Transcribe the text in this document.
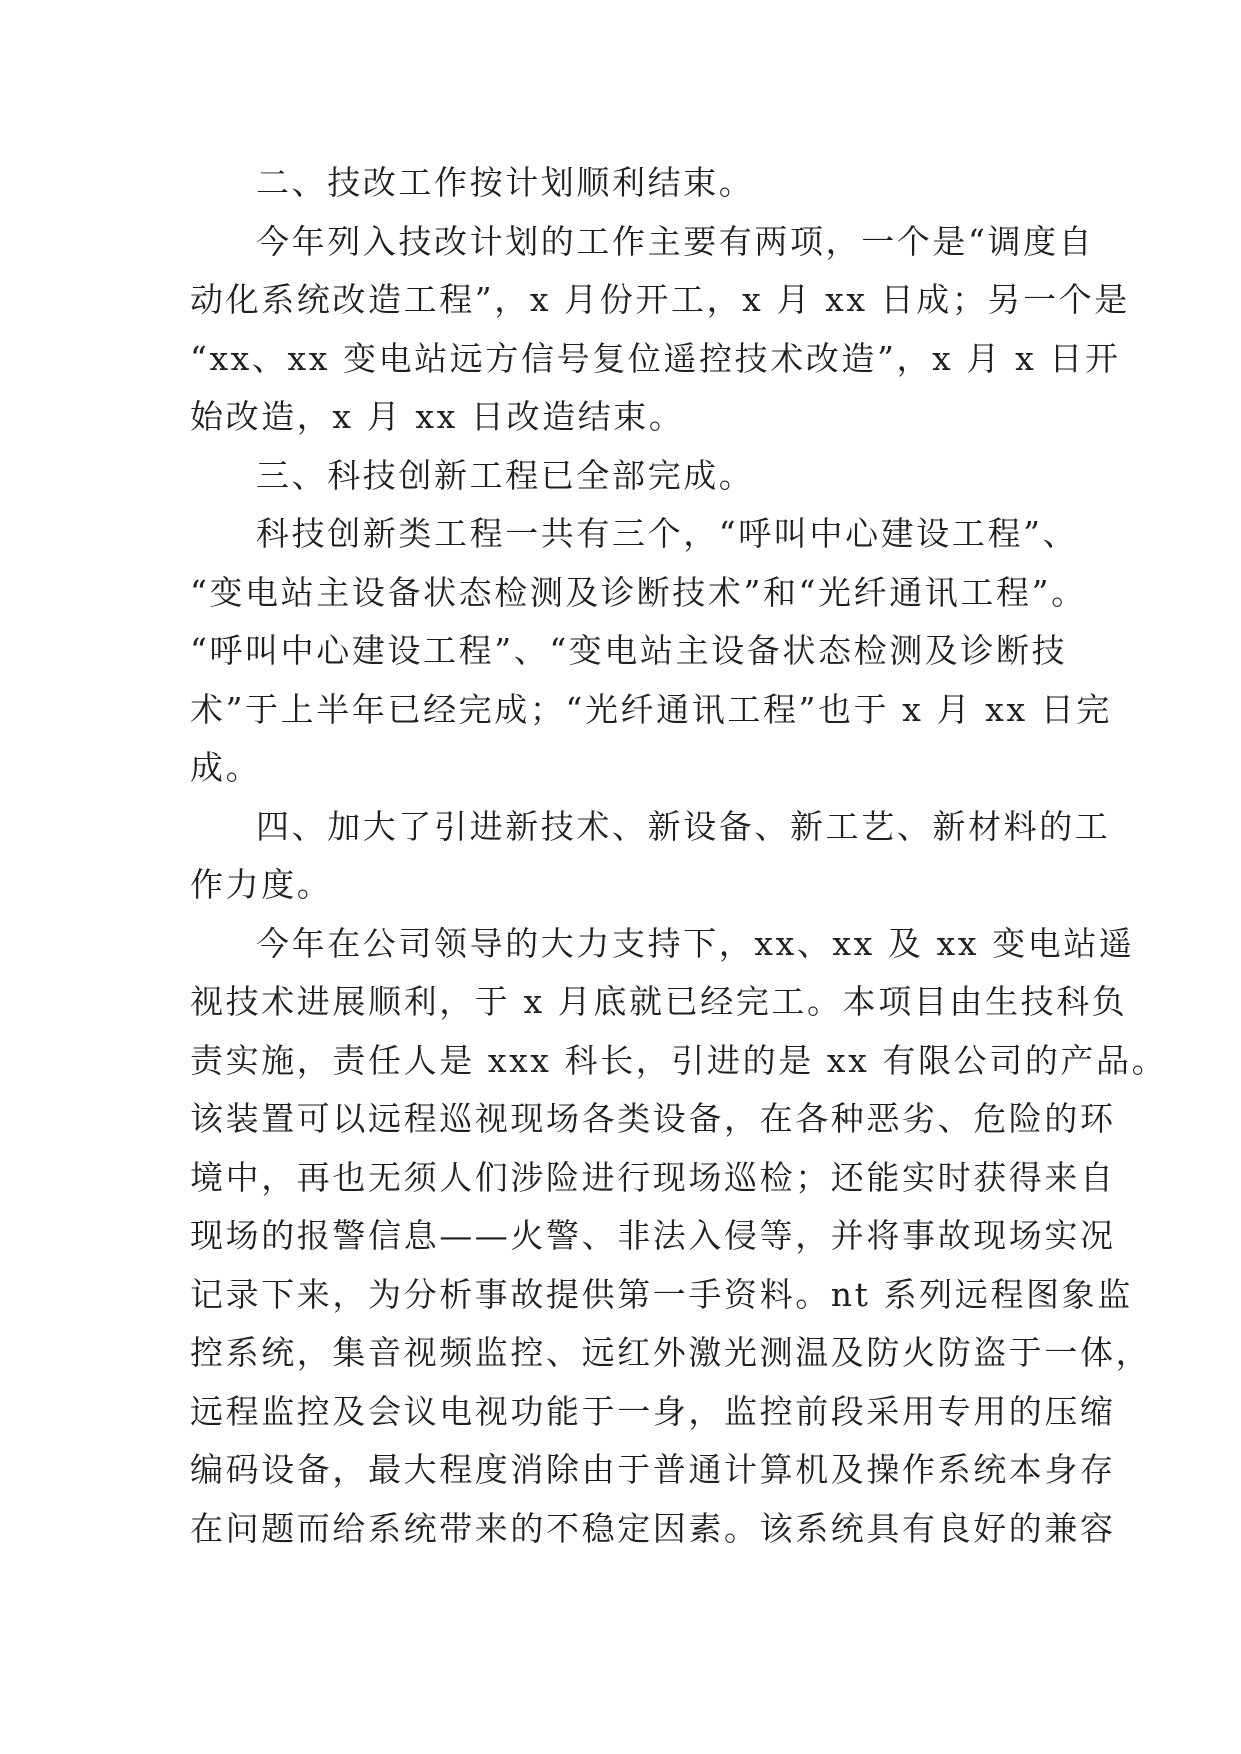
二、技改工作按计划顺利结束。

今年列入技改计划的工作主要有两项，一个是“调度自

动化系统改造工程”，x 月份开工，x 月 xx 日成；另一个是

“xx、xx 变电站远方信号复位遥控技术改造”，x 月 x 日开

始改造，x 月 xx 日改造结束。

三、科技创新工程已全部完成。

科技创新类工程一共有三个，“呼叫中心建设工程”、

“变电站主设备状态检测及诊断技术”和“光纤通讯工程”。

“呼叫中心建设工程”、“变电站主设备状态检测及诊断技

术”于上半年已经完成；“光纤通讯工程”也于 x 月 xx 日完

成。

四、加大了引进新技术、新设备、新工艺、新材料的工

作力度。

今年在公司领导的大力支持下，xx、xx 及 xx 变电站遥

视技术进展顺利，于 x 月底就已经完工。本项目由生技科负

责实施，责任人是 xxx 科长，引进的是 xx 有限公司的产品。

该装置可以远程巡视现场各类设备，在各种恶劣、危险的环

境中，再也无须人们涉险进行现场巡检；还能实时获得来自

现场的报警信息——火警、非法入侵等，并将事故现场实况

记录下来，为分析事故提供第一手资料。nt 系列远程图象监

控系统，集音视频监控、远红外激光测温及防火防盗于一体，

远程监控及会议电视功能于一身，监控前段采用专用的压缩

编码设备，最大程度消除由于普通计算机及操作系统本身存

在问题而给系统带来的不稳定因素。该系统具有良好的兼容
